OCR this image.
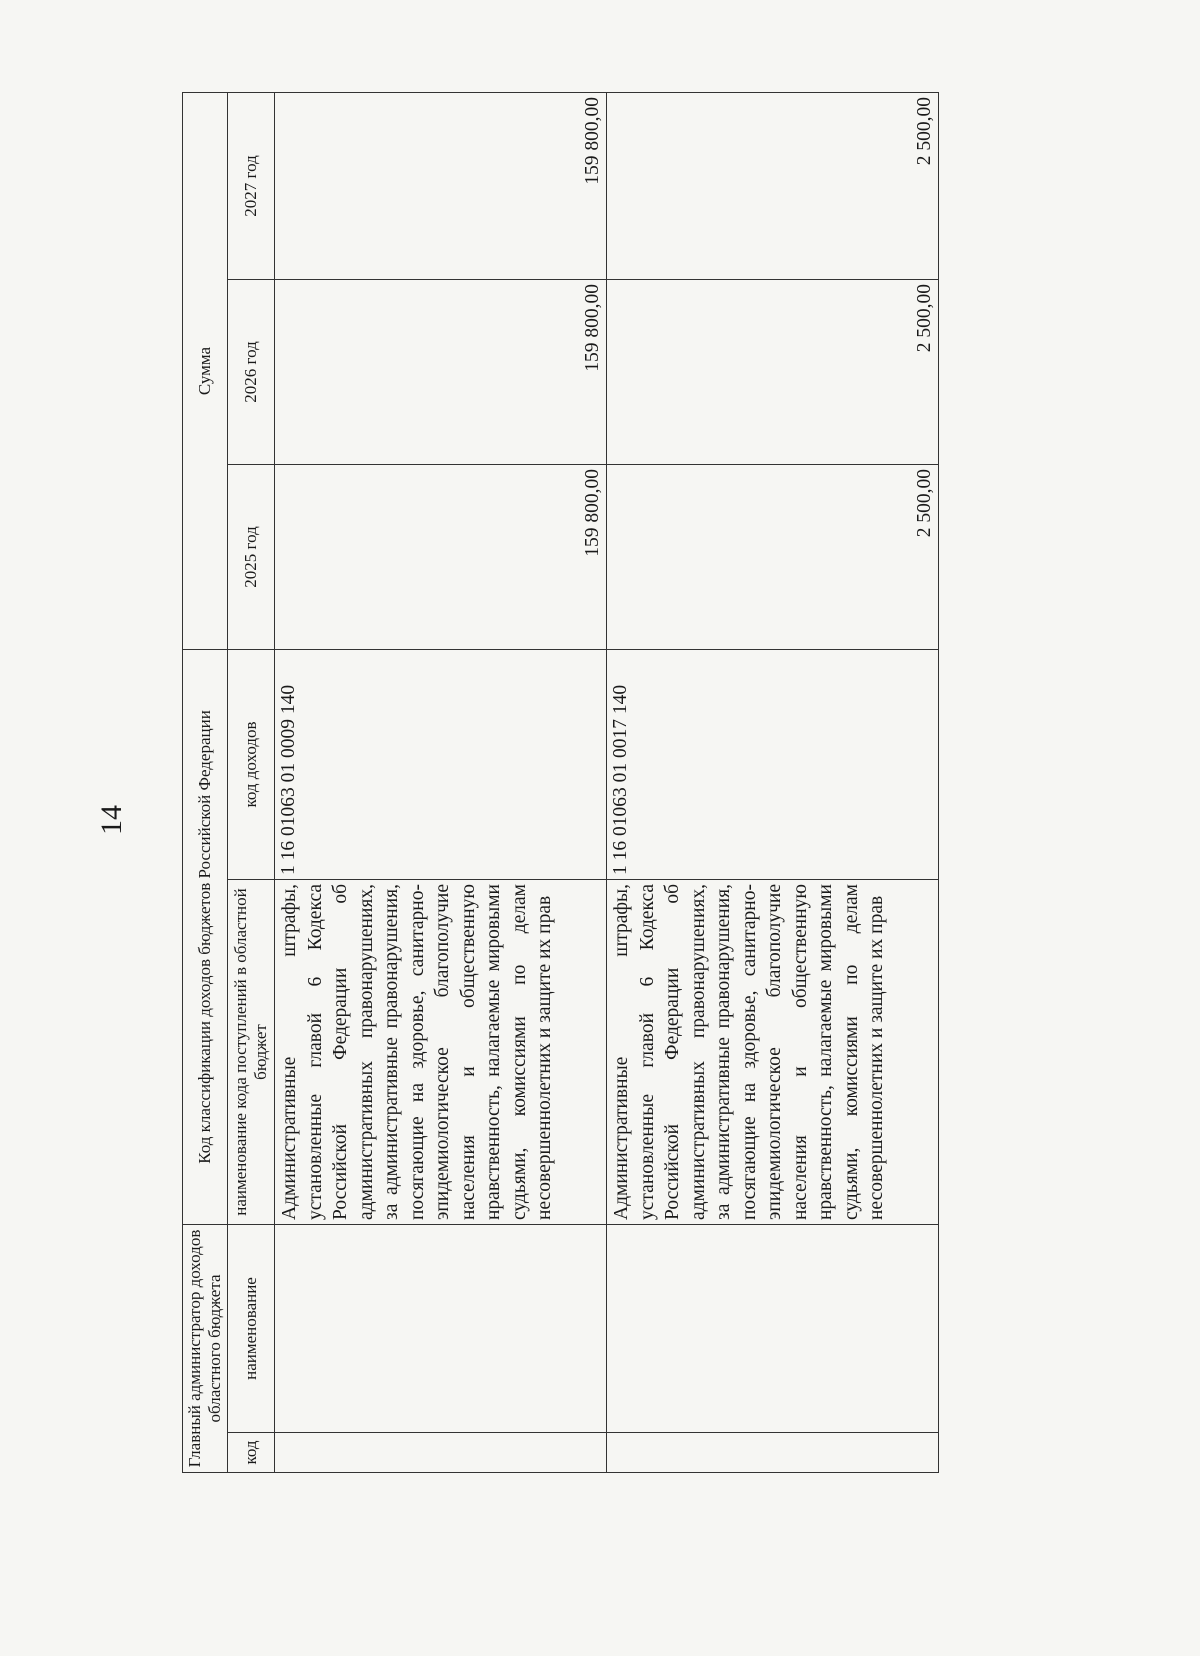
14
Главный администратор доходов областного бюджета		Код классификации доходов бюджетов Российской Федерации		Сумма		
код	наименование	наименование кода поступлений в областной бюджет	код доходов	2025 год	2026 год	2027 год
		Административные штрафы, установленные главой 6 Кодекса Российской Федерации об административных правонарушениях, за административные правонарушения, посягающие на здоровье, санитарно-эпидемиологическое благополучие населения и общественную нравственность, налагаемые мировыми судьями, комиссиями по делам несовершеннолетних и защите их прав	1 16 01063 01 0009 140	159 800,00	159 800,00	159 800,00
		Административные штрафы, установленные главой 6 Кодекса Российской Федерации об административных правонарушениях, за административные правонарушения, посягающие на здоровье, санитарно-эпидемиологическое благополучие населения и общественную нравственность, налагаемые мировыми судьями, комиссиями по делам несовершеннолетних и защите их прав	1 16 01063 01 0017 140	2 500,00	2 500,00	2 500,00
